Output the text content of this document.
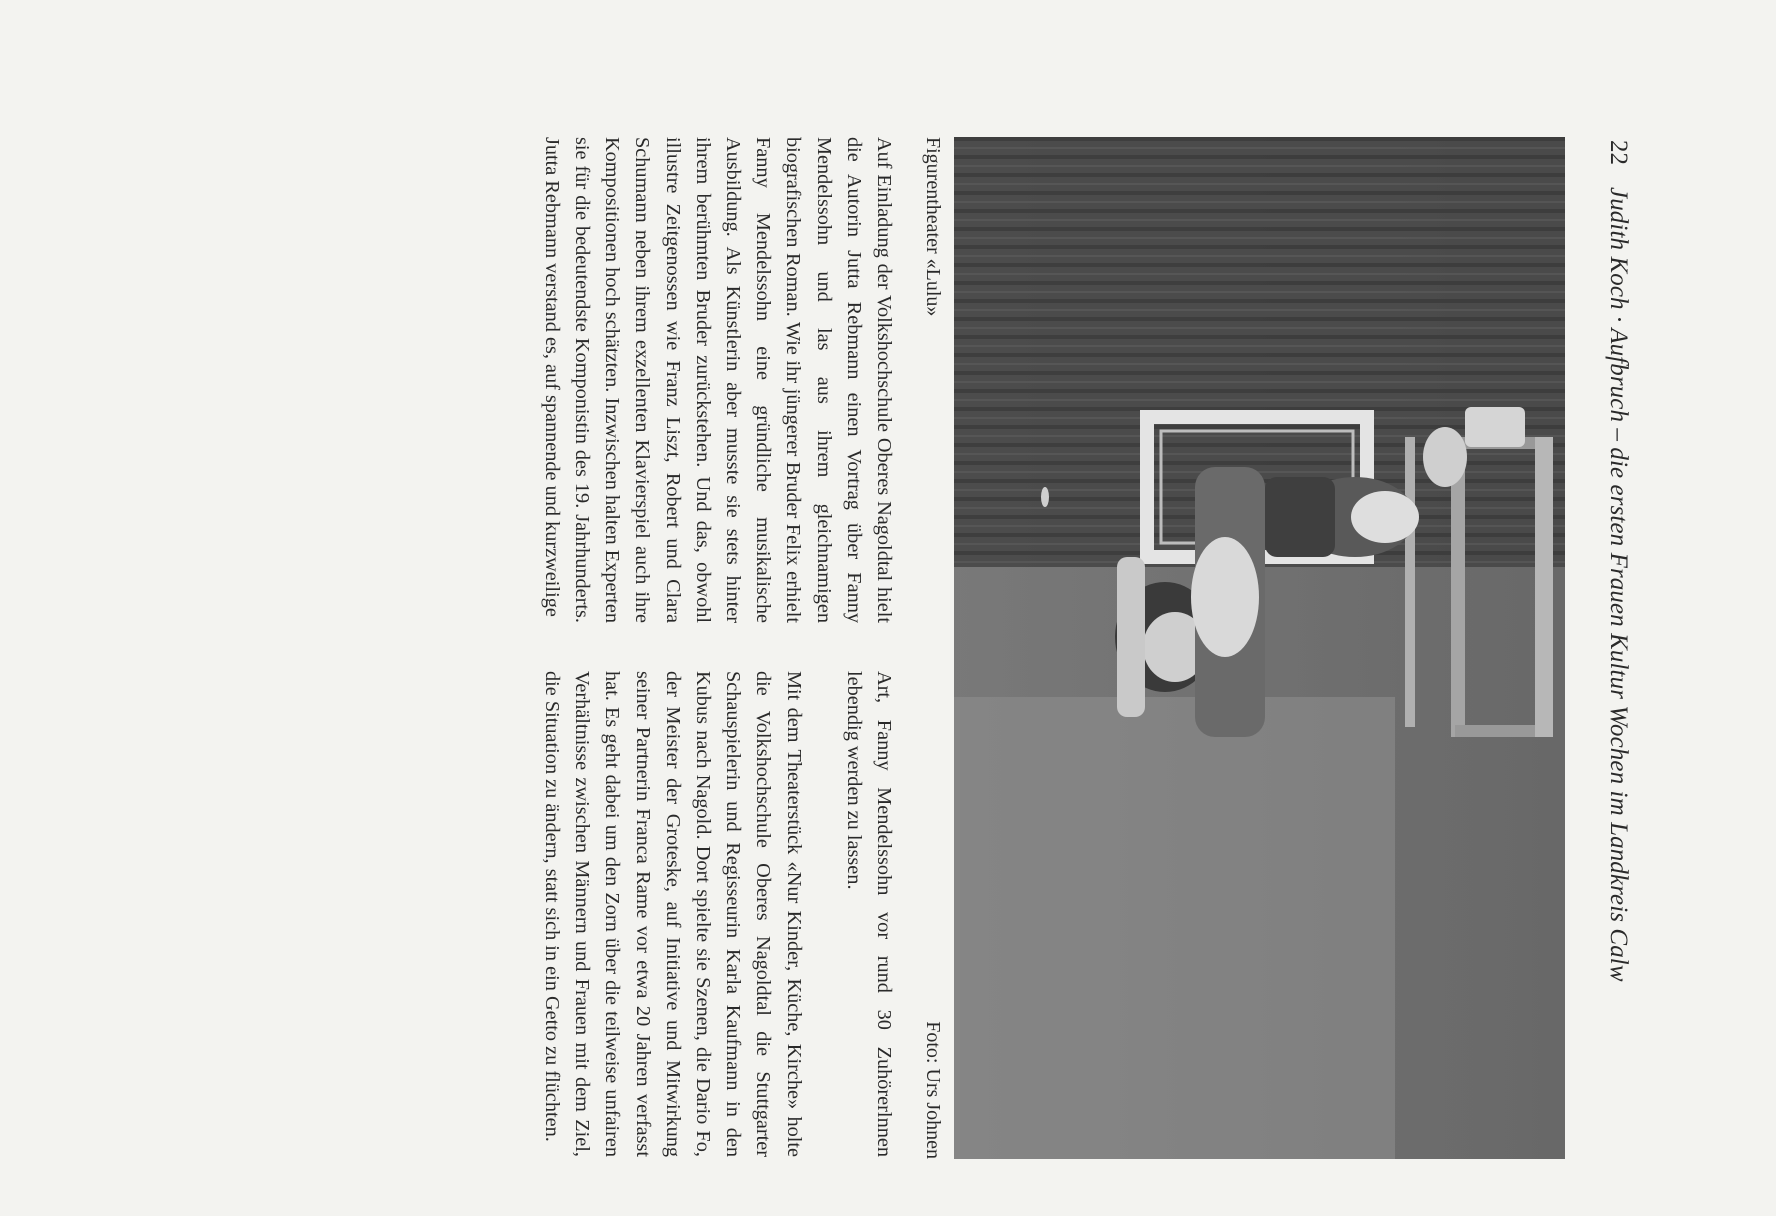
22
Judith Koch · Aufbruch – die ersten Frauen Kultur Wochen im Landkreis Calw
Figurentheater «Lulu»
Foto: Urs Johnen

Auf Einladung der Volkshochschule Oberes Nagoldtal hielt die Autorin Jutta Rebmann einen Vortrag über Fanny Mendelssohn und las aus ihrem gleichnamigen biografischen Roman. Wie ihr jüngerer Bruder Felix erhielt Fanny Mendelssohn eine gründliche musikalische Ausbildung. Als Künstlerin aber musste sie stets hinter ihrem berühmten Bruder zurückstehen. Und das, obwohl illustre Zeitgenossen wie Franz Liszt, Robert und Clara Schumann neben ihrem exzellenten Klavierspiel auch ihre Kompositionen hoch schätzten. Inzwischen halten Experten sie für die bedeutendste Komponistin des 19. Jahrhunderts. Jutta Rebmann verstand es, auf spannende und kurzweilige

Art, Fanny Mendelssohn vor rund 30 Zuhörerlnnen lebendig werden zu lassen.

Mit dem Theaterstück «Nur Kinder, Küche, Kirche» holte die Volkshochschule Oberes Nagoldtal die Stuttgarter Schauspielerin und Regisseurin Karla Kaufmann in den Kubus nach Nagold. Dort spielte sie Szenen, die Dario Fo, der Meister der Groteske, auf Initiative und Mitwirkung seiner Partnerin Franca Rame vor etwa 20 Jahren verfasst hat. Es geht dabei um den Zorn über die teilweise unfairen Verhältnisse zwischen Männern und Frauen mit dem Ziel, die Situation zu ändern, statt sich in ein Getto zu flüchten.
